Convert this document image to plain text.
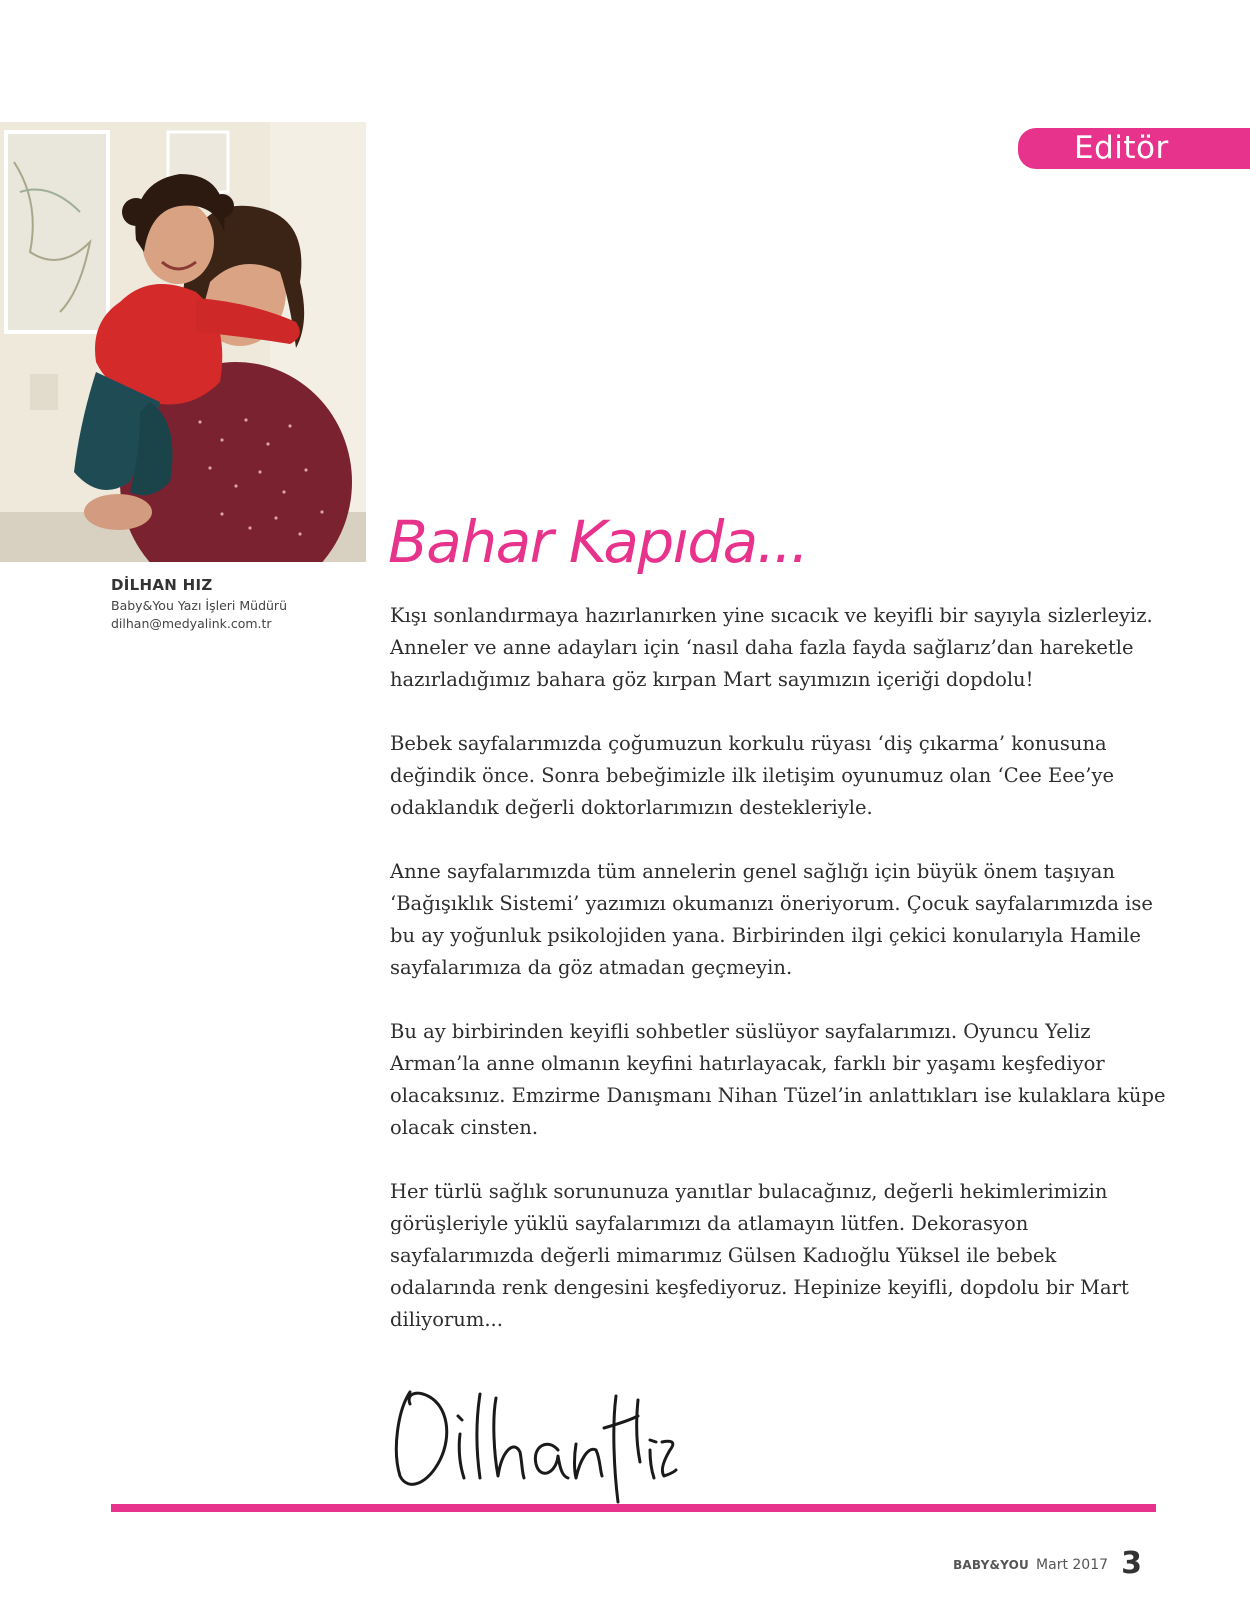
Editör
DİLHAN HIZ
Baby&You Yazı İşleri Müdürü
dilhan@medyalink.com.tr
Bahar Kapıda...

Kışı sonlandırmaya hazırlanırken yine sıcacık ve keyifli bir sayıyla sizlerleyiz. Anneler ve anne adayları için ‘nasıl daha fazla fayda sağlarız’dan hareketle hazırladığımız bahara göz kırpan Mart sayımızın içeriği dopdolu!

Bebek sayfalarımızda çoğumuzun korkulu rüyası ‘diş çıkarma’ konusuna değindik önce. Sonra bebeğimizle ilk iletişim oyunumuz olan ‘Cee Eee’ye odaklandık değerli doktorlarımızın destekleriyle.

Anne sayfalarımızda tüm annelerin genel sağlığı için büyük önem taşıyan ‘Bağışıklık Sistemi’ yazımızı okumanızı öneriyorum. Çocuk sayfalarımızda ise bu ay yoğunluk psikolojiden yana. Birbirinden ilgi çekici konularıyla Hamile sayfalarımıza da göz atmadan geçmeyin.

Bu ay birbirinden keyifli sohbetler süslüyor sayfalarımızı. Oyuncu Yeliz Arman’la anne olmanın keyfini hatırlayacak, farklı bir yaşamı keşfediyor olacaksınız. Emzirme Danışmanı Nihan Tüzel’in anlattıkları ise kulaklara küpe olacak cinsten.

Her türlü sağlık sorununuza yanıtlar bulacağınız, değerli hekimlerimizin görüşleriyle yüklü sayfalarımızı da atlamayın lütfen. Dekorasyon sayfalarımızda değerli mimarımız Gülsen Kadıoğlu Yüksel ile bebek odalarında renk dengesini keşfediyoruz. Hepinize keyifli, dopdolu bir Mart diliyorum...

BABY&YOU Mart 2017 3
